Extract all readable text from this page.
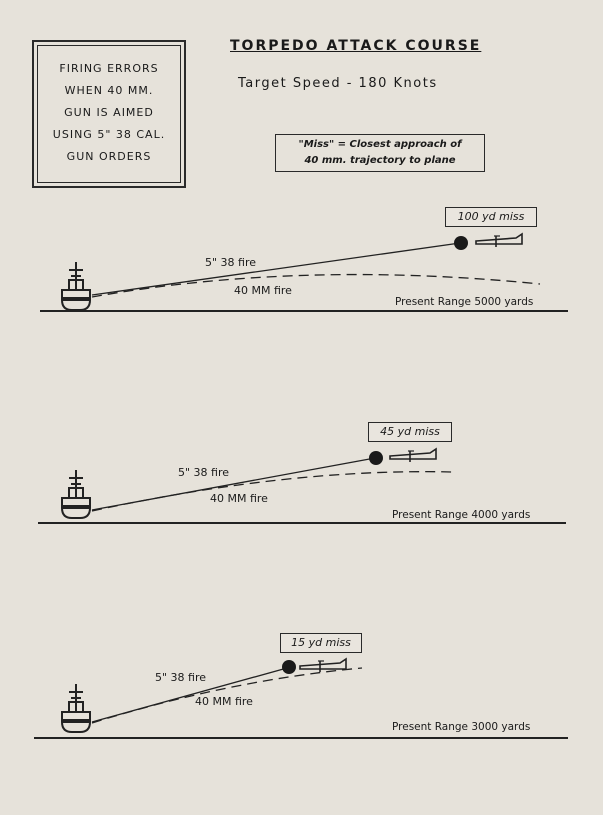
FIRING ERRORS
WHEN 40 MM.
GUN IS AIMED
USING 5" 38 CAL.
GUN ORDERS
TORPEDO ATTACK COURSE
Target Speed - 180 Knots
"Miss" = Closest approach of
40 mm. trajectory to plane
100 yd miss
5" 38 fire
40 MM fire
Present Range 5000 yards
45 yd miss
5" 38 fire
40 MM fire
Present Range 4000 yards
15 yd miss
5" 38 fire
40 MM fire
Present Range 3000 yards
